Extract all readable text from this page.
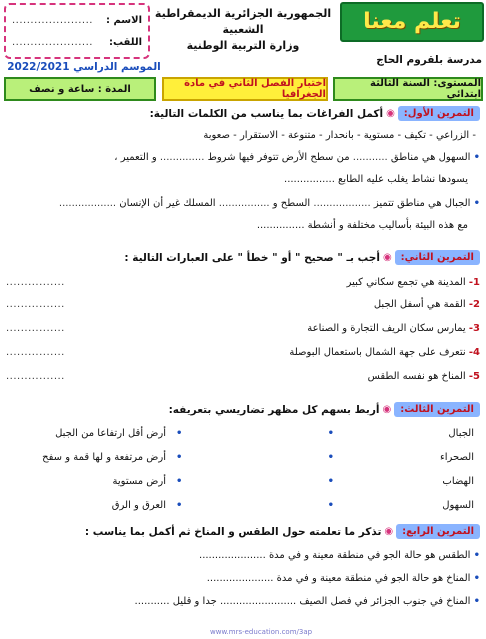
تعلم معنا
الجمهورية الجزائرية الديمقراطية الشعبية
وزارة التربية الوطنية
الاسم :
......................
اللقب:
......................
مدرسة بلقروم الحاج
الموسم الدراسي 2022/2021
المستوى: السنة الثالثة ابتدائي
اختبار الفصل الثاني في مادة الجغرافيا
المدة : ساعة و نصف
التمرين الأول:
◉
أكمل الفراغات بما يناسب من الكلمات التالية:
- الزراعي - تكيف - مستوية - بانحدار - متنوعة - الاستقرار - صعوبة
• السهول هي مناطق ........... من سطح الأرض تتوفر فيها شروط .............. و التعمير ،
يسودها نشاط يغلب عليه الطابع ................
• الجبال هي مناطق تتميز .................. السطح و ................ المسلك غير أن الإنسان ..................
مع هذه البيئة بأساليب مختلفة و أنشطة ...............
التمرين الثاني:
◉
أجب بـ " صحيح " أو " خطأ " على العبارات التالية :
1- المدينة هي تجمع سكاني كبير
................
2- القمة هي أسفل الجبل
................
3- يمارس سكان الريف التجارة و الصناعة
................
4- نتعرف على جهة الشمال باستعمال البوصلة
................
5- المناخ هو نفسه الطقس
................
التمرين الثالث:
◉
أربط بسهم كل مظهر تضاريسي بتعريفه:
الجبال
•
•
أرض أقل ارتفاعا من الجبل
الصحراء
•
•
أرض مرتفعة و لها قمة و سفح
الهضاب
•
•
أرض مستوية
السهول
•
•
العرق و الرق
التمرين الرابع:
◉
تذكر ما تعلمته حول الطقس و المناخ ثم أكمل بما يناسب :
• الطقس هو حالة الجو في منطقة معينة و في مدة .....................
• المناخ هو حالة الجو في منطقة معينة و في مدة .....................
• المناخ في جنوب الجزائر في فصل الصيف ........................ جدا و قليل ...........
www.mrs-education.com/3ap
